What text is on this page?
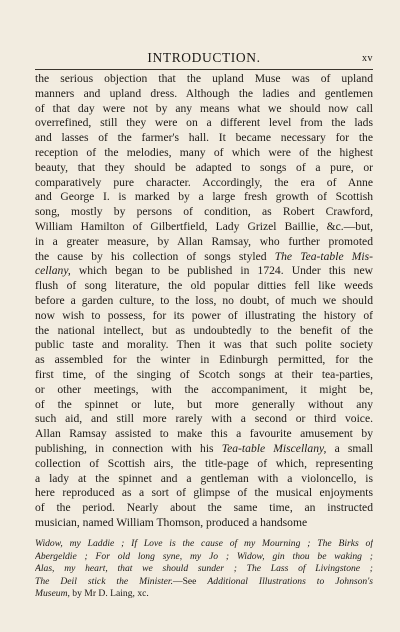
INTRODUCTION.	xv
the serious objection that the upland Muse was of upland
manners and upland dress. Although the ladies and gentlemen
of that day were not by any means what we should now call
overrefined, still they were on a different level from the lads
and lasses of the farmer's hall. It became necessary for the
reception of the melodies, many of which were of the highest
beauty, that they should be adapted to songs of a pure, or
comparatively pure character. Accordingly, the era of Anne
and George I. is marked by a large fresh growth of Scottish
song, mostly by persons of condition, as Robert Crawford,
William Hamilton of Gilbertfield, Lady Grizel Baillie, &c.—but,
in a greater measure, by Allan Ramsay, who further promoted
the cause by his collection of songs styled The Tea-table Mis-
cellany, which began to be published in 1724. Under this new
flush of song literature, the old popular ditties fell like weeds
before a garden culture, to the loss, no doubt, of much we should
now wish to possess, for its power of illustrating the history of
the national intellect, but as undoubtedly to the benefit of the
public taste and morality. Then it was that such polite society
as assembled for the winter in Edinburgh permitted, for the
first time, of the singing of Scotch songs at their tea-parties,
or other meetings, with the accompaniment, it might be,
of the spinnet or lute, but more generally without any
such aid, and still more rarely with a second or third voice.
Allan Ramsay assisted to make this a favourite amusement by
publishing, in connection with his Tea-table Miscellany, a small
collection of Scottish airs, the title-page of which, representing
a lady at the spinnet and a gentleman with a violoncello, is
here reproduced as a sort of glimpse of the musical enjoyments
of the period. Nearly about the same time, an instructed
musician, named William Thomson, produced a handsome
Widow, my Laddie ; If Love is the cause of my Mourning ; The Birks of
Abergeldie ; For old long syne, my Jo ; Widow, gin thou be waking ;
Alas, my heart, that we should sunder ; The Lass of Livingstone ;
The Deil stick the Minister.—See Additional Illustrations to Johnson's
Museum, by Mr D. Laing, xc.
